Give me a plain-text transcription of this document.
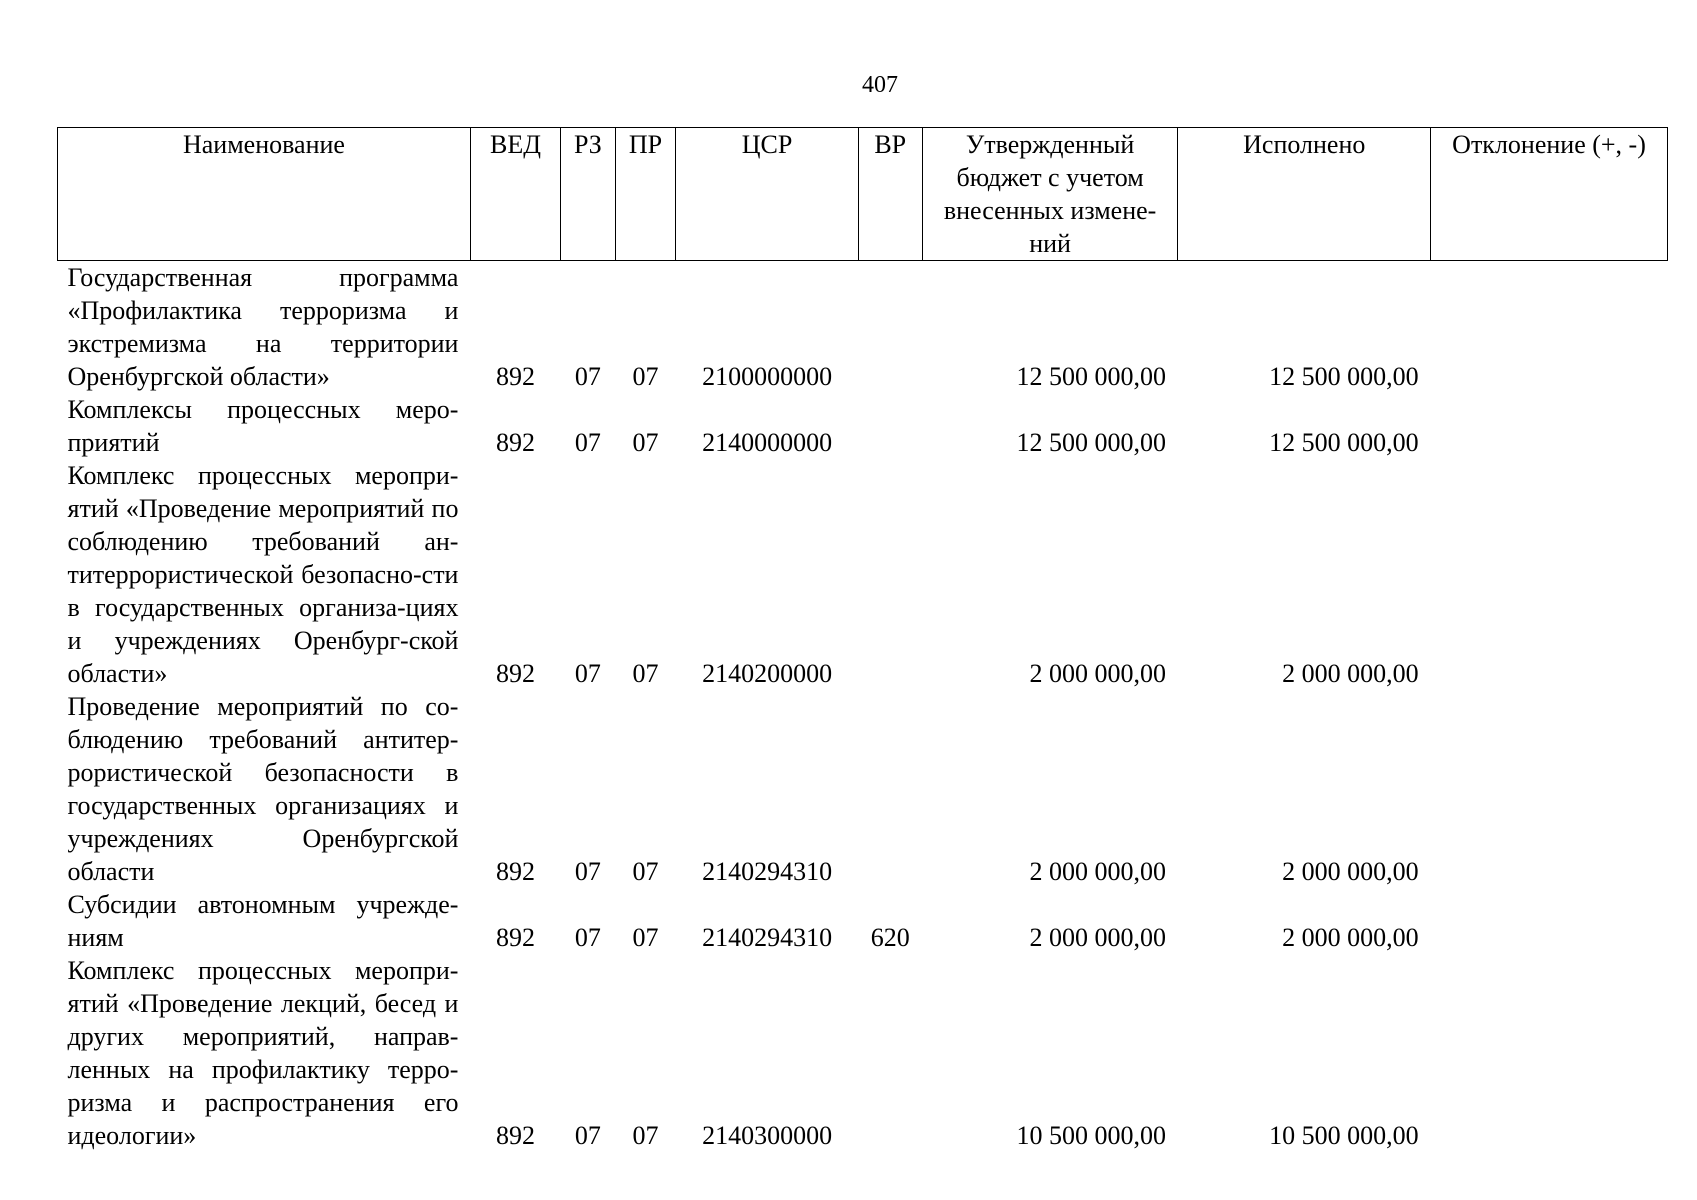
407
Наименование	ВЕД	РЗ	ПР	ЦСР	ВР	Утвержденный бюджет с учетом внесенных измене-ний	Исполнено	Отклонение (+, -)
Государственная программа «Профилактика терроризма и экстремизма на территории Оренбургской области»	892	07	07	2100000000		12 500 000,00	12 500 000,00	
Комплексы процессных меро-приятий	892	07	07	2140000000		12 500 000,00	12 500 000,00	
Комплекс процессных меропри-ятий «Проведение мероприятий по соблюдению требований ан-титеррористической безопасно-сти в государственных организа-циях и учреждениях Оренбург-ской области»	892	07	07	2140200000		2 000 000,00	2 000 000,00	
Проведение мероприятий по со-блюдению требований антитер-рористической безопасности в государственных организациях и учреждениях Оренбургской области	892	07	07	2140294310		2 000 000,00	2 000 000,00	
Субсидии автономным учрежде-ниям	892	07	07	2140294310	620	2 000 000,00	2 000 000,00	
Комплекс процессных меропри-ятий «Проведение лекций, бесед и других мероприятий, направ-ленных на профилактику терро-ризма и распространения его идеологии»	892	07	07	2140300000		10 500 000,00	10 500 000,00	
